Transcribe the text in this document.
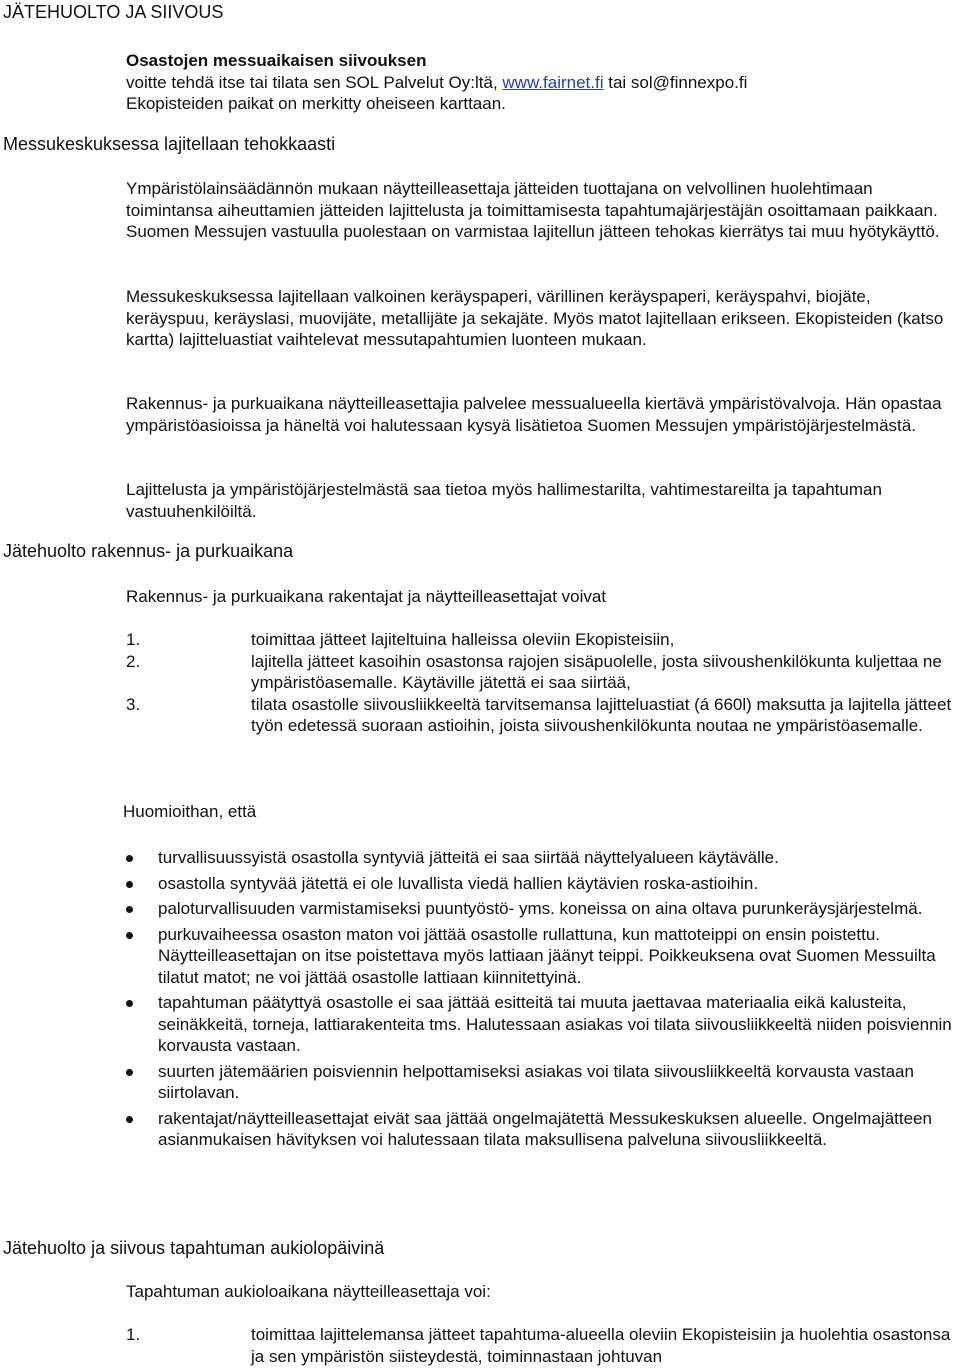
JÄTEHUOLTO JA SIIVOUS

Osastojen messuaikaisen siivouksen

voitte tehdä itse tai tilata sen SOL Palvelut Oy:ltä, www.fairnet.fi tai sol@finnexpo.fi

Ekopisteiden paikat on merkitty oheiseen karttaan.

Messukeskuksessa lajitellaan tehokkaasti
Ympäristölainsäädännön mukaan näytteilleasettaja jätteiden tuottajana on velvollinen huolehtimaan toimintansa aiheuttamien jätteiden lajittelusta ja toimittamisesta tapahtumajärjestäjän osoittamaan paikkaan. Suomen Messujen vastuulla puolestaan on varmistaa lajitellun jätteen tehokas kierrätys tai muu hyötykäyttö.
Messukeskuksessa lajitellaan valkoinen keräyspaperi, värillinen keräyspaperi, keräyspahvi, biojäte, keräyspuu, keräyslasi, muovijäte, metallijäte ja sekajäte. Myös matot lajitellaan erikseen. Ekopisteiden (katso kartta) lajitteluastiat vaihtelevat messutapahtumien luonteen mukaan.
Rakennus- ja purkuaikana näytteilleasettajia palvelee messualueella kiertävä ympäristövalvoja. Hän opastaa ympäristöasioissa ja häneltä voi halutessaan kysyä lisätietoa Suomen Messujen ympäristöjärjestelmästä.
Lajittelusta ja ympäristöjärjestelmästä saa tietoa myös hallimestarilta, vahtimestareilta ja tapahtuman vastuuhenkilöiltä.
Jätehuolto rakennus- ja purkuaikana
Rakennus- ja purkuaikana rakentajat ja näytteilleasettajat voivat
1.	toimittaa jätteet lajiteltuina halleissa oleviin Ekopisteisiin,
2.	lajitella jätteet kasoihin osastonsa rajojen sisäpuolelle, josta siivoushenkilökunta kuljettaa ne ympäristöasemalle. Käytäville jätettä ei saa siirtää,
3.	tilata osastolle siivousliikkeeltä tarvitsemansa lajitteluastiat (á 660l) maksutta ja lajitella jätteet työn edetessä suoraan astioihin, joista siivoushenkilökunta noutaa ne ympäristöasemalle.
Huomioithan, että
turvallisuussyistä osastolla syntyviä jätteitä ei saa siirtää näyttelyalueen käytävälle.
osastolla syntyvää jätettä ei ole luvallista viedä hallien käytävien roska-astioihin.
paloturvallisuuden varmistamiseksi puuntyöstö- yms. koneissa on aina oltava purunkeräysjärjestelmä.
purkuvaiheessa osaston maton voi jättää osastolle rullattuna, kun mattoteippi on ensin poistettu. Näytteilleasettajan on itse poistettava myös lattiaan jäänyt teippi. Poikkeuksena ovat Suomen Messuilta tilatut matot; ne voi jättää osastolle lattiaan kiinnitettyinä.
tapahtuman päätyttyä osastolle ei saa jättää esitteitä tai muuta jaettavaa materiaalia eikä kalusteita, seinäkkeitä, torneja, lattiarakenteita tms. Halutessaan asiakas voi tilata siivousliikkeeltä niiden poisviennin korvausta vastaan.
suurten jätemäärien poisviennin helpottamiseksi asiakas voi tilata siivousliikkeeltä korvausta vastaan siirtolavan.
rakentajat/näytteilleasettajat eivät saa jättää ongelmajätettä Messukeskuksen alueelle. Ongelmajätteen asianmukaisen hävityksen voi halutessaan tilata maksullisena palveluna siivousliikkeeltä.
Jätehuolto ja siivous tapahtuman aukiolopäivinä
Tapahtuman aukioloaikana näytteilleasettaja voi:
1.	toimittaa lajittelemansa jätteet tapahtuma-alueella oleviin Ekopisteisiin ja huolehtia osastonsa ja sen ympäristön siisteydestä, toiminnastaan johtuvan
